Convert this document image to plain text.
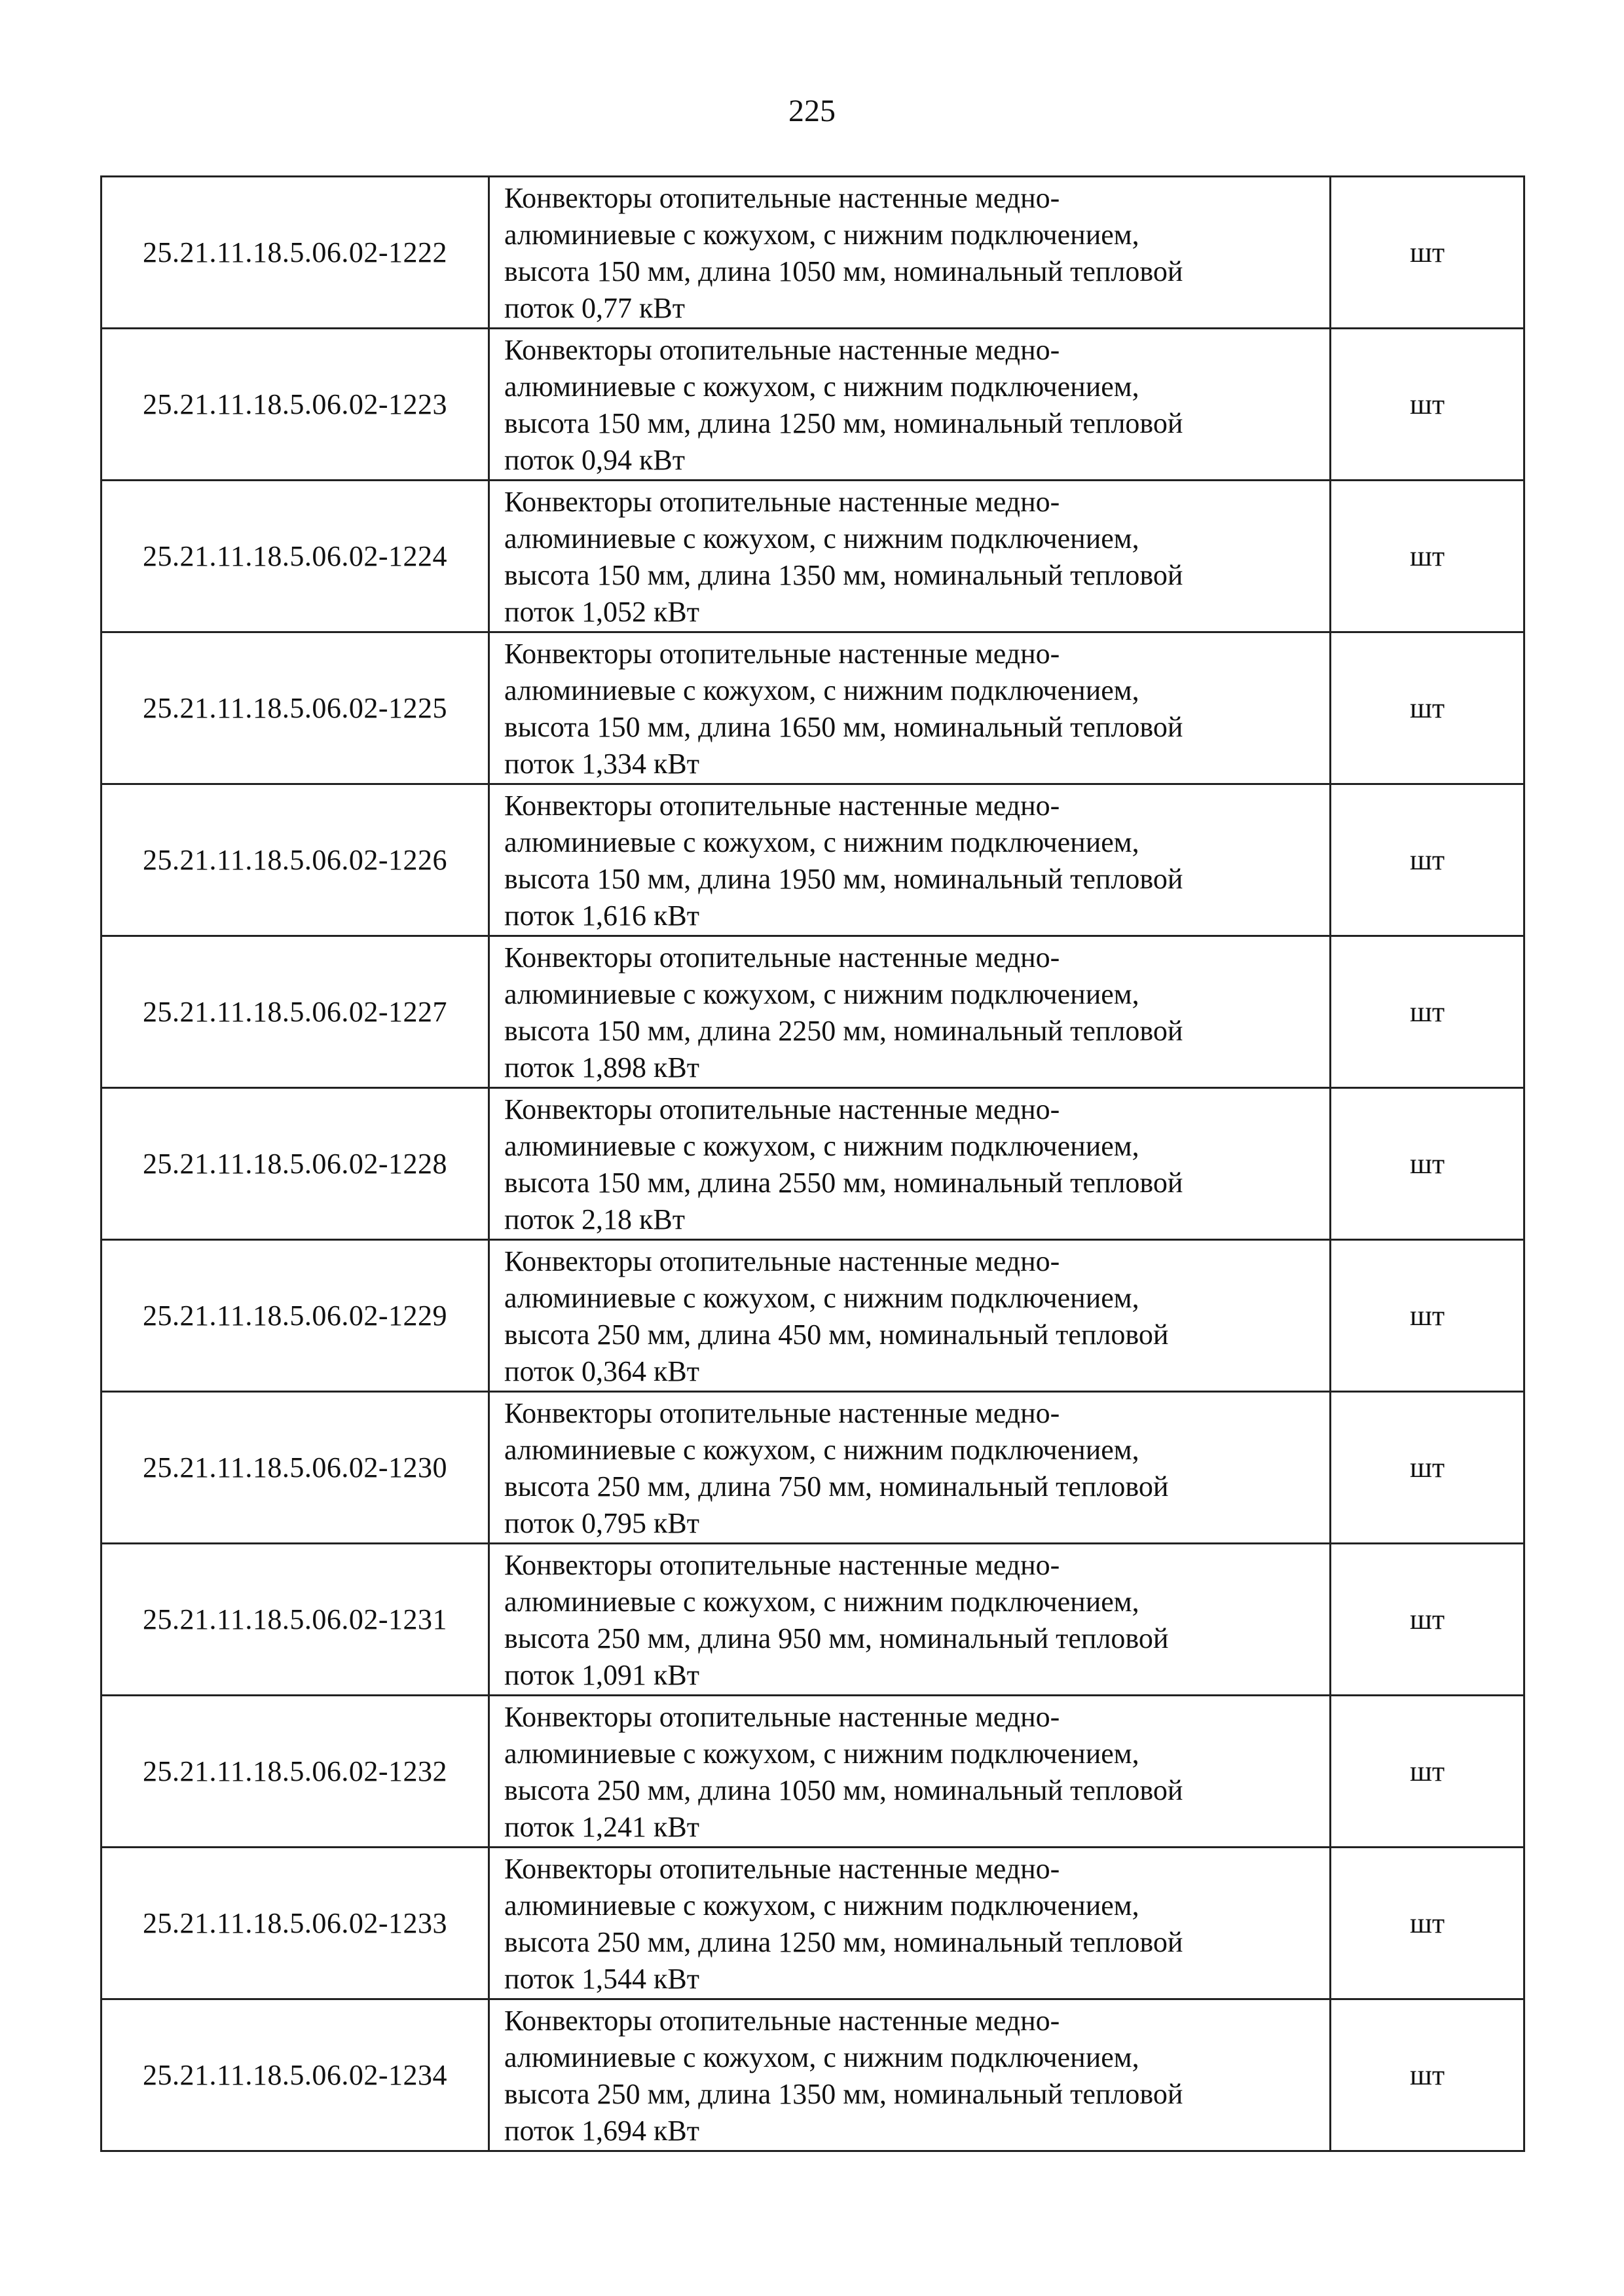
225
25.21.11.18.5.06.02-1222	Конвекторы отопительные настенные медно-
алюминиевые с кожухом, с нижним подключением,
высота 150 мм, длина 1050 мм, номинальный тепловой
поток 0,77 кВт	шт
25.21.11.18.5.06.02-1223	Конвекторы отопительные настенные медно-
алюминиевые с кожухом, с нижним подключением,
высота 150 мм, длина 1250 мм, номинальный тепловой
поток 0,94 кВт	шт
25.21.11.18.5.06.02-1224	Конвекторы отопительные настенные медно-
алюминиевые с кожухом, с нижним подключением,
высота 150 мм, длина 1350 мм, номинальный тепловой
поток 1,052 кВт	шт
25.21.11.18.5.06.02-1225	Конвекторы отопительные настенные медно-
алюминиевые с кожухом, с нижним подключением,
высота 150 мм, длина 1650 мм, номинальный тепловой
поток 1,334 кВт	шт
25.21.11.18.5.06.02-1226	Конвекторы отопительные настенные медно-
алюминиевые с кожухом, с нижним подключением,
высота 150 мм, длина 1950 мм, номинальный тепловой
поток 1,616 кВт	шт
25.21.11.18.5.06.02-1227	Конвекторы отопительные настенные медно-
алюминиевые с кожухом, с нижним подключением,
высота 150 мм, длина 2250 мм, номинальный тепловой
поток 1,898 кВт	шт
25.21.11.18.5.06.02-1228	Конвекторы отопительные настенные медно-
алюминиевые с кожухом, с нижним подключением,
высота 150 мм, длина 2550 мм, номинальный тепловой
поток 2,18 кВт	шт
25.21.11.18.5.06.02-1229	Конвекторы отопительные настенные медно-
алюминиевые с кожухом, с нижним подключением,
высота 250 мм, длина 450 мм, номинальный тепловой
поток 0,364 кВт	шт
25.21.11.18.5.06.02-1230	Конвекторы отопительные настенные медно-
алюминиевые с кожухом, с нижним подключением,
высота 250 мм, длина 750 мм, номинальный тепловой
поток 0,795 кВт	шт
25.21.11.18.5.06.02-1231	Конвекторы отопительные настенные медно-
алюминиевые с кожухом, с нижним подключением,
высота 250 мм, длина 950 мм, номинальный тепловой
поток 1,091 кВт	шт
25.21.11.18.5.06.02-1232	Конвекторы отопительные настенные медно-
алюминиевые с кожухом, с нижним подключением,
высота 250 мм, длина 1050 мм, номинальный тепловой
поток 1,241 кВт	шт
25.21.11.18.5.06.02-1233	Конвекторы отопительные настенные медно-
алюминиевые с кожухом, с нижним подключением,
высота 250 мм, длина 1250 мм, номинальный тепловой
поток 1,544 кВт	шт
25.21.11.18.5.06.02-1234	Конвекторы отопительные настенные медно-
алюминиевые с кожухом, с нижним подключением,
высота 250 мм, длина 1350 мм, номинальный тепловой
поток 1,694 кВт	шт
